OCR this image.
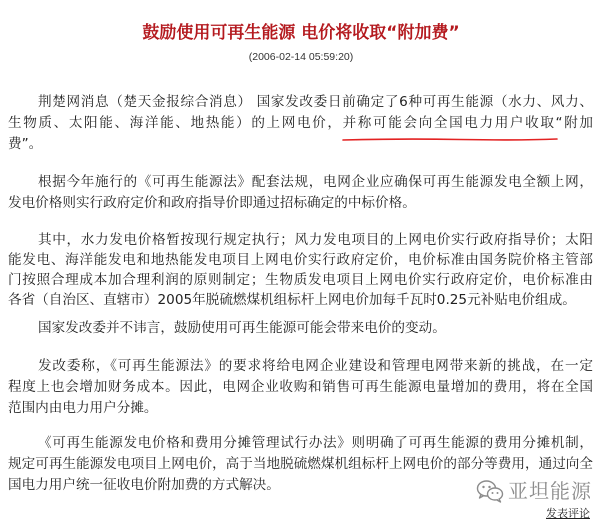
鼓励使用可再生能源 电价将收取“附加费”
(2006-02-14 05:59:20)
荆楚网消息（楚天金报综合消息） 国家发改委日前确定了6种可再生能源（水力、风力、
生物质、太阳能、海洋能、地热能）的上网电价，并称可能会向全国电力用户收取“附加
费”。
根据今年施行的《可再生能源法》配套法规，电网企业应确保可再生能源发电全额上网，
发电价格则实行政府定价和政府指导价即通过招标确定的中标价格。
其中，水力发电价格暂按现行规定执行；风力发电项目的上网电价实行政府指导价；太阳
能发电、海洋能发电和地热能发电项目上网电价实行政府定价，电价标准由国务院价格主管部
门按照合理成本加合理利润的原则制定；生物质发电项目上网电价实行政府定价，电价标准由
各省（自治区、直辖市）2005年脱硫燃煤机组标杆上网电价加每千瓦时0.25元补贴电价组成。
国家发改委并不讳言，鼓励使用可再生能源可能会带来电价的变动。
发改委称，《可再生能源法》的要求将给电网企业建设和管理电网带来新的挑战，在一定
程度上也会增加财务成本。因此，电网企业收购和销售可再生能源电量增加的费用，将在全国
范围内由电力用户分摊。
《可再生能源发电价格和费用分摊管理试行办法》则明确了可再生能源的费用分摊机制，
规定可再生能源发电项目上网电价，高于当地脱硫燃煤机组标杆上网电价的部分等费用，通过向全
国电力用户统一征收电价附加费的方式解决。	亚坦能源
发表评论
